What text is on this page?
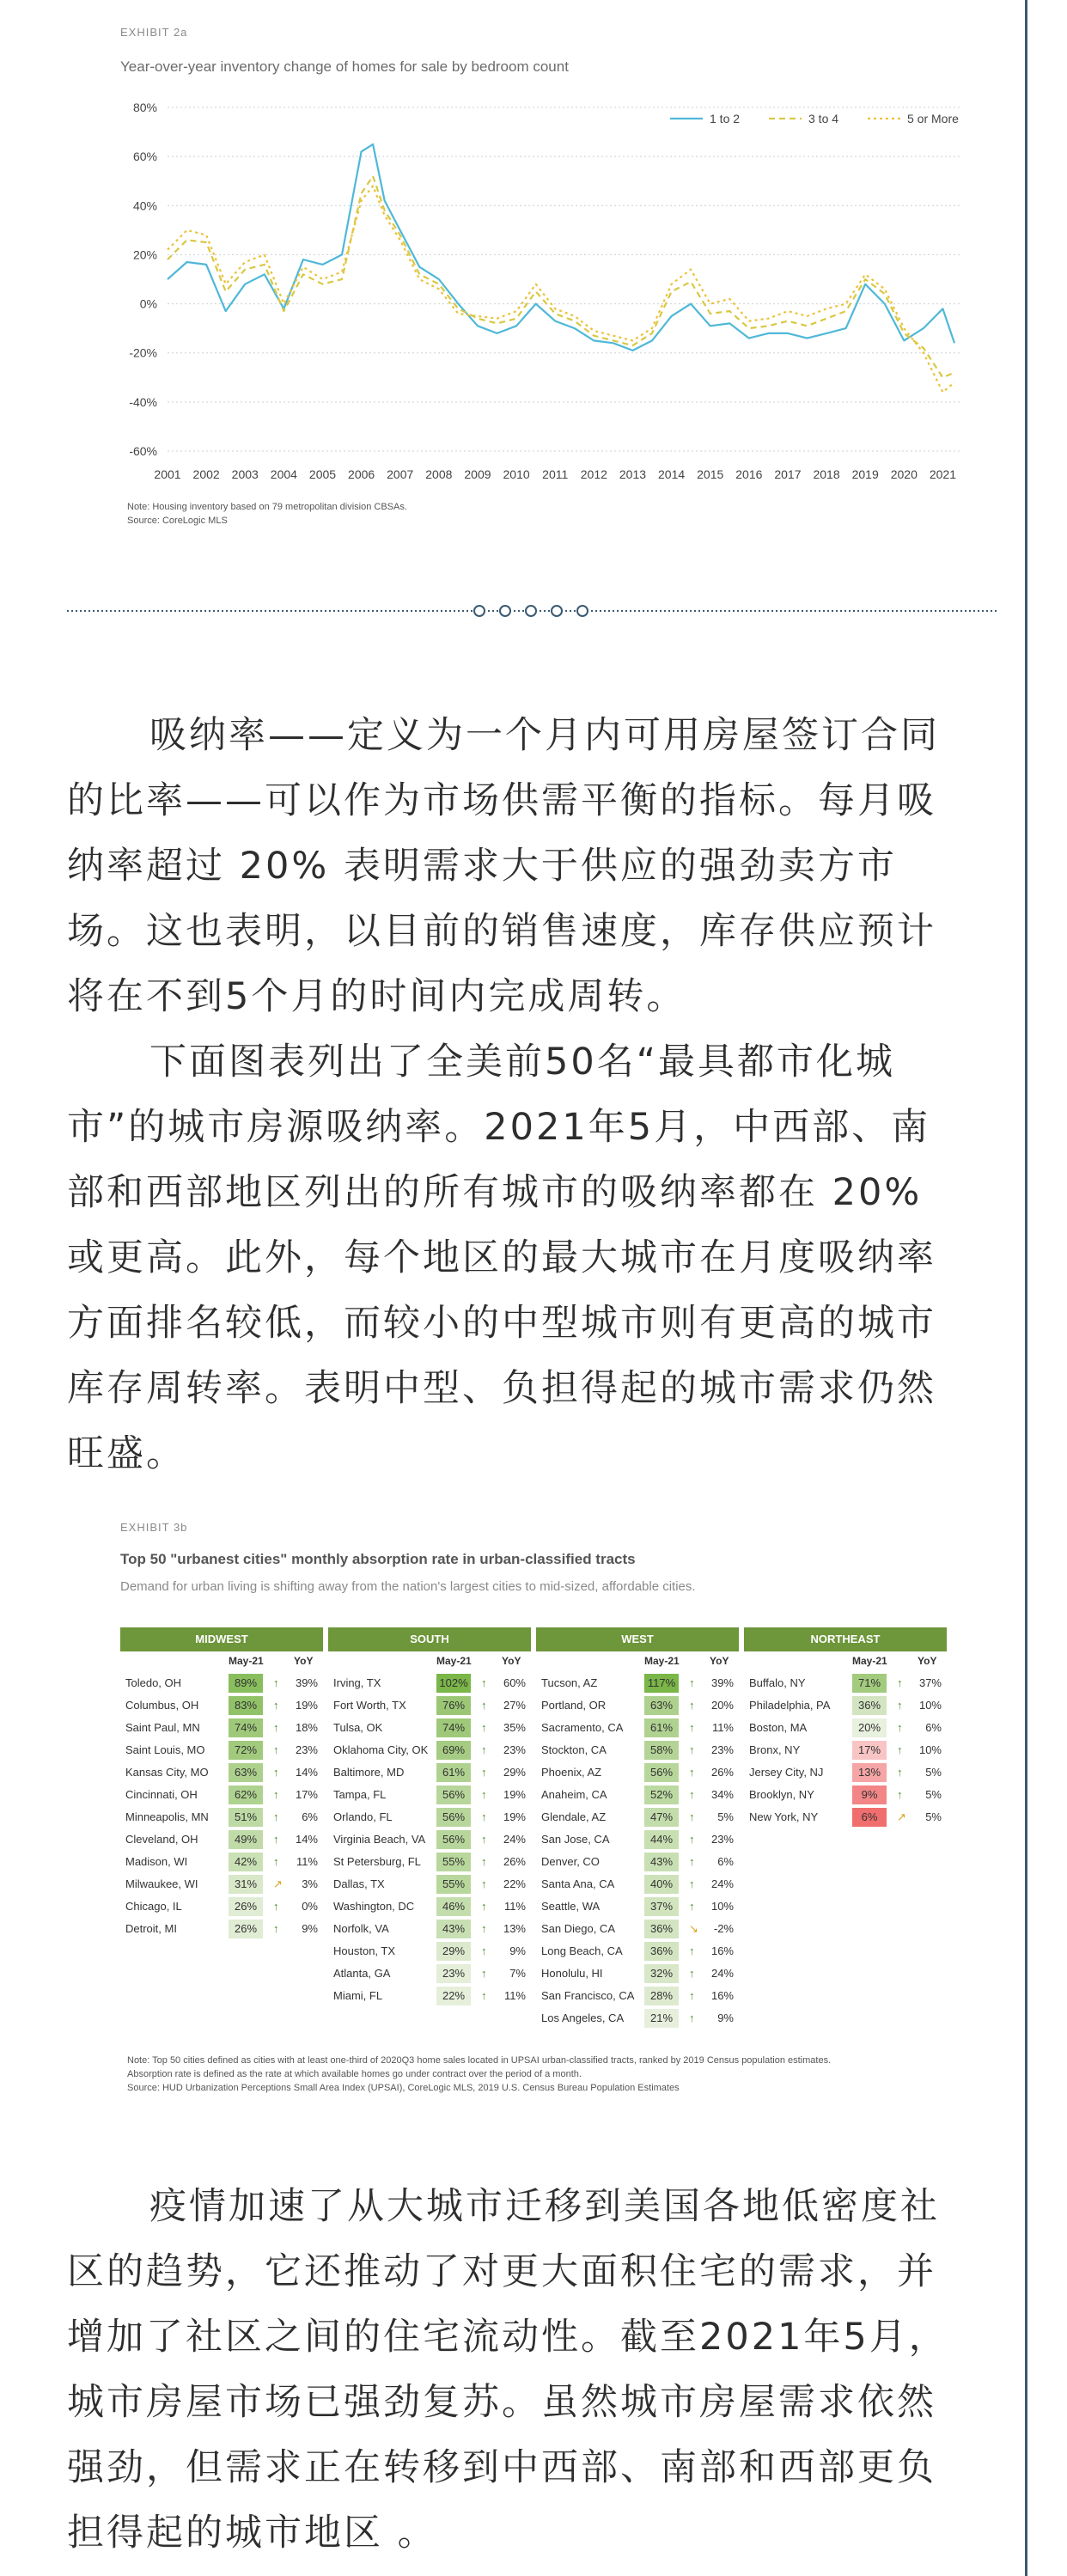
EXHIBIT 2a
Year-over-year inventory change of homes for sale by bedroom count
80%
60%
40%
20%
0%
-20%
-40%
-60%
2001 2002 2003 2004 2005 2006 2007 2008 2009 2010 2011 2012 2013 2014 2015 2016 2017 2018 2019 2020 2021
1 to 2	3 to 4	5 or More
Note: Housing inventory based on 79 metropolitan division CBSAs.
Source: CoreLogic MLS

吸纳率——定义为一个月内可用房屋签订合同

的比率——可以作为市场供需平衡的指标。每月吸

纳率超过 20% 表明需求大于供应的强劲卖方市

场。这也表明，以目前的销售速度，库存供应预计

将在不到5个月的时间内完成周转。

下面图表列出了全美前50名“最具都市化城

市”的城市房源吸纳率。2021年5月，中西部、南

部和西部地区列出的所有城市的吸纳率都在 20%

或更高。此外，每个地区的最大城市在月度吸纳率

方面排名较低，而较小的中型城市则有更高的城市

库存周转率。表明中型、负担得起的城市需求仍然

旺盛。

EXHIBIT 3b
Top 50 "urbanest cities" monthly absorption rate in urban-classified tracts
Demand for urban living is shifting away from the nation's largest cities to mid-sized, affordable cities.
MIDWEST
May-21	YoY
Toledo, OH	89%	↑	39%
Columbus, OH	83%	↑	19%
Saint Paul, MN	74%	↑	18%
Saint Louis, MO	72%	↑	23%
Kansas City, MO	63%	↑	14%
Cincinnati, OH	62%	↑	17%
Minneapolis, MN	51%	↑	6%
Cleveland, OH	49%	↑	14%
Madison, WI	42%	↑	11%
Milwaukee, WI	31%	↗	3%
Chicago, IL	26%	↑	0%
Detroit, MI	26%	↑	9%
SOUTH
May-21	YoY
Irving, TX	102% ↑	60%
Fort Worth, TX	76%	↑	27%
Tulsa, OK	74%	↑	35%
Oklahoma City, OK	69%	↑	23%
Baltimore, MD	61%	↑	29%
Tampa, FL	56%	↑	19%
Orlando, FL	56%	↑	19%
Virginia Beach, VA	56%	↑	24%
St Petersburg, FL	55%	↑	26%
Dallas, TX	55%	↑	22%
Washington, DC	46%	↑	11%
Norfolk, VA	43%	↑	13%
Houston, TX	29%	↑	9%
Atlanta, GA	23%	↑	7%
Miami, FL	22%	↑	11%
WEST
May-21	YoY
Tucson, AZ	117% ↑	39%
Portland, OR	63%	↑	20%
Sacramento, CA	61%	↑	11%
Stockton, CA	58%	↑	23%
Phoenix, AZ	56%	↑	26%
Anaheim, CA	52%	↑	34%
Glendale, AZ	47%	↑	5%
San Jose, CA	44%	↑	23%
Denver, CO	43%	↑	6%
Santa Ana, CA	40%	↑	24%
Seattle, WA	37%	↑	10%
San Diego, CA	36%	↘	-2%
Long Beach, CA	36%	↑	16%
Honolulu, HI	32%	↑	24%
San Francisco, CA	28%	↑	16%
Los Angeles, CA	21%	↑	9%
NORTHEAST
May-21	YoY
Buffalo, NY	71%	↑	37%
Philadelphia, PA	36%	↑	10%
Boston, MA	20%	↑	6%
Bronx, NY	17%	↑	10%
Jersey City, NJ	13%	↑	5%
Brooklyn, NY	9%	↑	5%
New York, NY	6%	↗	5%
Note: Top 50 cities defined as cities with at least one-third of 2020Q3 home sales located in UPSAI urban-classified tracts, ranked by 2019 Census population estimates.
Absorption rate is defined as the rate at which available homes go under contract over the period of a month.
Source: HUD Urbanization Perceptions Small Area Index (UPSAI), CoreLogic MLS, 2019 U.S. Census Bureau Population Estimates

疫情加速了从大城市迁移到美国各地低密度社

区的趋势，它还推动了对更大面积住宅的需求，并

增加了社区之间的住宅流动性。截至2021年5月，

城市房屋市场已强劲复苏。虽然城市房屋需求依然

强劲，但需求正在转移到中西部、南部和西部更负

担得起的城市地区 。
